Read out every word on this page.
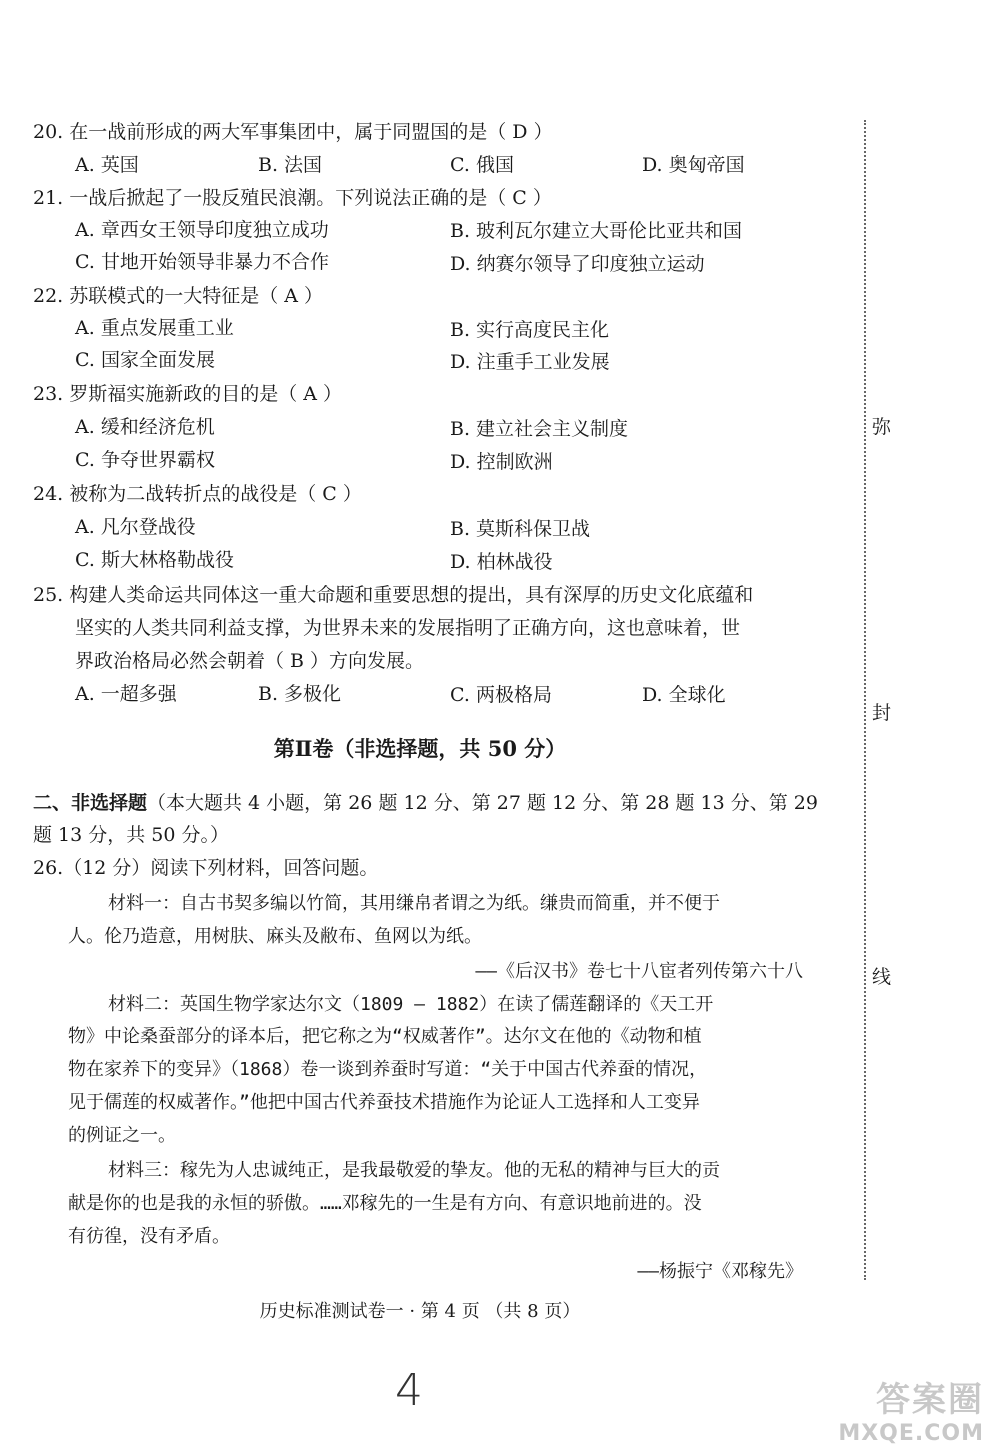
20. 在一战前形成的两大军事集团中，属于同盟国的是（ D ）
A. 英国	B. 法国	C. 俄国	D. 奥匈帝国
21. 一战后掀起了一股反殖民浪潮。下列说法正确的是（ C ）
A. 章西女王领导印度独立成功	B. 玻利瓦尔建立大哥伦比亚共和国
C. 甘地开始领导非暴力不合作	D. 纳赛尔领导了印度独立运动
22. 苏联模式的一大特征是（ A ）
A. 重点发展重工业	B. 实行高度民主化
C. 国家全面发展	D. 注重手工业发展
23. 罗斯福实施新政的目的是（ A ）
A. 缓和经济危机	B. 建立社会主义制度
C. 争夺世界霸权	D. 控制欧洲
24. 被称为二战转折点的战役是（ C ）
A. 凡尔登战役	B. 莫斯科保卫战
C. 斯大林格勒战役	D. 柏林战役
25. 构建人类命运共同体这一重大命题和重要思想的提出，具有深厚的历史文化底蕴和
坚实的人类共同利益支撑，为世界未来的发展指明了正确方向，这也意味着，世
界政治格局必然会朝着（ B ）方向发展。
A. 一超多强	B. 多极化	C. 两极格局	D. 全球化
第Ⅱ卷（非选择题，共 50 分）
二、非选择题（本大题共 4 小题，第 26 题 12 分、第 27 题 12 分、第 28 题 13 分、第 29
题 13 分，共 50 分。）
26.（12 分）阅读下列材料，回答问题。
材料一：自古书契多编以竹简，其用缣帛者谓之为纸。缣贵而简重，并不便于
人。伦乃造意，用树肤、麻头及敝布、鱼网以为纸。
——《后汉书》卷七十八宦者列传第六十八
材料二：英国生物学家达尔文（1809 — 1882）在读了儒莲翻译的《天工开
物》中论桑蚕部分的译本后，把它称之为“权威著作”。达尔文在他的《动物和植
物在家养下的变异》（1868）卷一谈到养蚕时写道：“关于中国古代养蚕的情况，
见于儒莲的权威著作。”他把中国古代养蚕技术措施作为论证人工选择和人工变异
的例证之一。
材料三：稼先为人忠诚纯正，是我最敬爱的挚友。他的无私的精神与巨大的贡
献是你的也是我的永恒的骄傲。……邓稼先的一生是有方向、有意识地前进的。没
有彷徨，没有矛盾。
——杨振宁《邓稼先》
弥
封
线
历史标准测试卷一 · 第 4 页 （共 8 页）
4	答案圈
MXQE.COM
